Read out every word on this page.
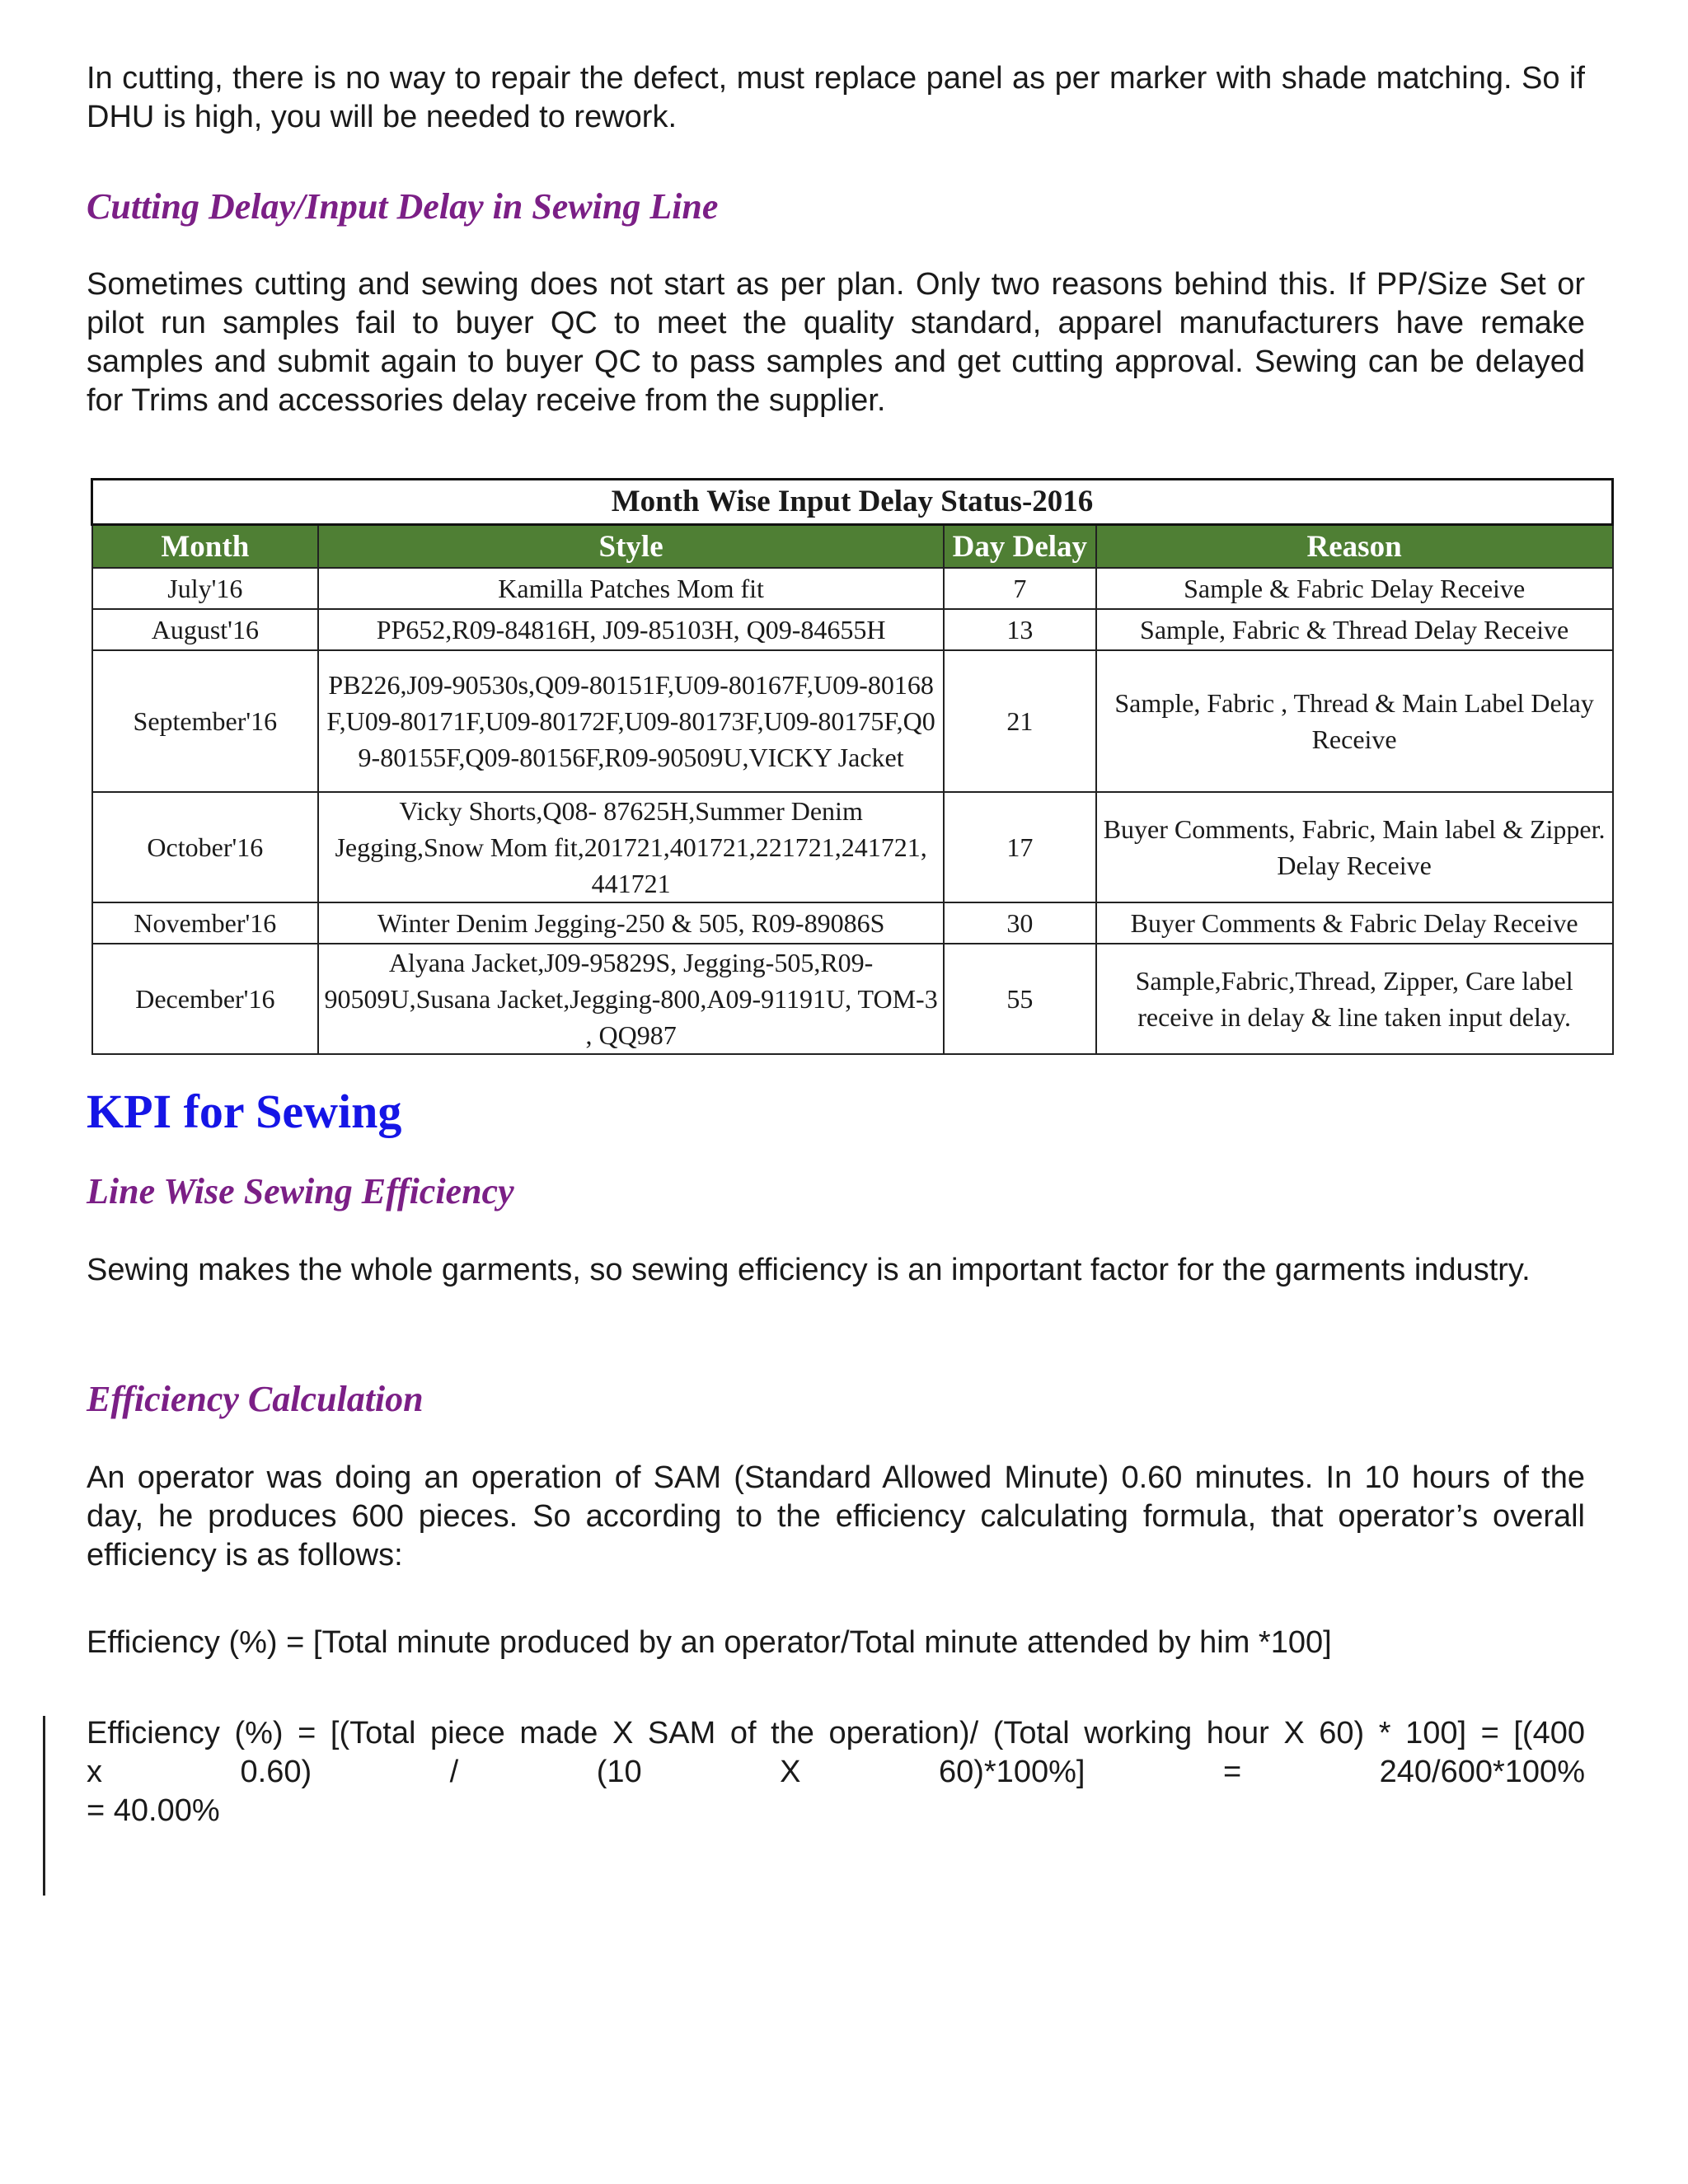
In cutting, there is no way to repair the defect, must replace panel as per marker with shade matching. So if DHU is high, you will be needed to rework.

Cutting Delay/Input Delay in Sewing Line

Sometimes cutting and sewing does not start as per plan. Only two reasons behind this. If PP/Size Set or pilot run samples fail to buyer QC to meet the quality standard, apparel manufacturers have remake samples and submit again to buyer QC to pass samples and get cutting approval. Sewing can be delayed for Trims and accessories delay receive from the supplier.

Month Wise Input Delay Status-2016			
Month	Style	Day Delay	Reason
July'16	Kamilla Patches Mom fit	7	Sample & Fabric Delay Receive
August'16	PP652,R09-84816H, J09-85103H, Q09-84655H	13	Sample, Fabric & Thread Delay Receive
September'16	PB226,J09-90530s,Q09-80151F,U09-80167F,U09-80168F,U09-80171F,U09-80172F,U09-80173F,U09-80175F,Q09-80155F,Q09-80156F,R09-90509U,VICKY Jacket	21	Sample, Fabric , Thread & Main Label Delay Receive
October'16	Vicky Shorts,Q08- 87625H,Summer Denim Jegging,Snow Mom fit,201721,401721,221721,241721, 441721	17	Buyer Comments, Fabric, Main label & Zipper. Delay Receive
November'16	Winter Denim Jegging-250 & 505, R09-89086S	30	Buyer Comments & Fabric Delay Receive
December'16	Alyana Jacket,J09-95829S, Jegging-505,R09-90509U,Susana Jacket,Jegging-800,A09-91191U, TOM-3 , QQ987	55	Sample,Fabric,Thread, Zipper, Care label receive in delay & line taken input delay.
KPI for Sewing
Line Wise Sewing Efficiency

Sewing makes the whole garments, so sewing efficiency is an important factor for the garments industry.

Efficiency Calculation

An operator was doing an operation of SAM (Standard Allowed Minute) 0.60 minutes. In 10 hours of the day, he produces 600 pieces. So according to the efficiency calculating formula, that operator’s overall efficiency is as follows:

Efficiency (%) = [Total minute produced by an operator/Total minute attended by him *100]

Efficiency (%) = [(Total piece made X SAM of the operation)/ (Total working hour X 60) * 100] = [(400
x	0.60)	/	(10	X	60)*100%]	=	240/600*100%
= 40.00%
